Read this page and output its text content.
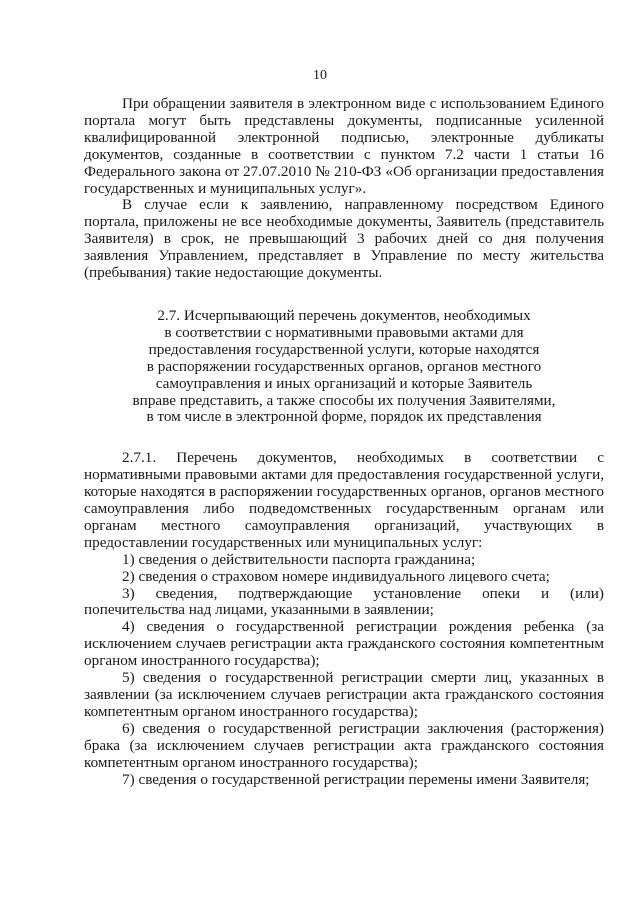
10

При обращении заявителя в электронном виде с использованием Единого портала могут быть представлены документы, подписанные усиленной квалифицированной электронной подписью, электронные дубликаты документов, созданные в соответствии с пунктом 7.2 части 1 статьи 16 Федерального закона от 27.07.2010 № 210-ФЗ «Об организации предоставления государственных и муниципальных услуг».

В случае если к заявлению, направленному посредством Единого портала, приложены не все необходимые документы, Заявитель (представитель Заявителя) в срок, не превышающий 3 рабочих дней со дня получения заявления Управлением, представляет в Управление по месту жительства (пребывания) такие недостающие документы.

2.7. Исчерпывающий перечень документов, необходимых
в соответствии с нормативными правовыми актами для
предоставления государственной услуги, которые находятся
в распоряжении государственных органов, органов местного
самоуправления и иных организаций и которые Заявитель
вправе представить, а также способы их получения Заявителями,
в том числе в электронной форме, порядок их представления

2.7.1. Перечень документов, необходимых в соответствии с нормативными правовыми актами для предоставления государственной услуги, которые находятся в распоряжении государственных органов, органов местного самоуправления либо подведомственных государственным органам или органам местного самоуправления организаций, участвующих в предоставлении государственных или муниципальных услуг:

1) сведения о действительности паспорта гражданина;

2) сведения о страховом номере индивидуального лицевого счета;

3) сведения, подтверждающие установление опеки и (или) попечительства над лицами, указанными в заявлении;

4) сведения о государственной регистрации рождения ребенка (за исключением случаев регистрации акта гражданского состояния компетентным органом иностранного государства);

5) сведения о государственной регистрации смерти лиц, указанных в заявлении (за исключением случаев регистрации акта гражданского состояния компетентным органом иностранного государства);

6) сведения о государственной регистрации заключения (расторжения) брака (за исключением случаев регистрации акта гражданского состояния компетентным органом иностранного государства);

7) сведения о государственной регистрации перемены имени Заявителя;
